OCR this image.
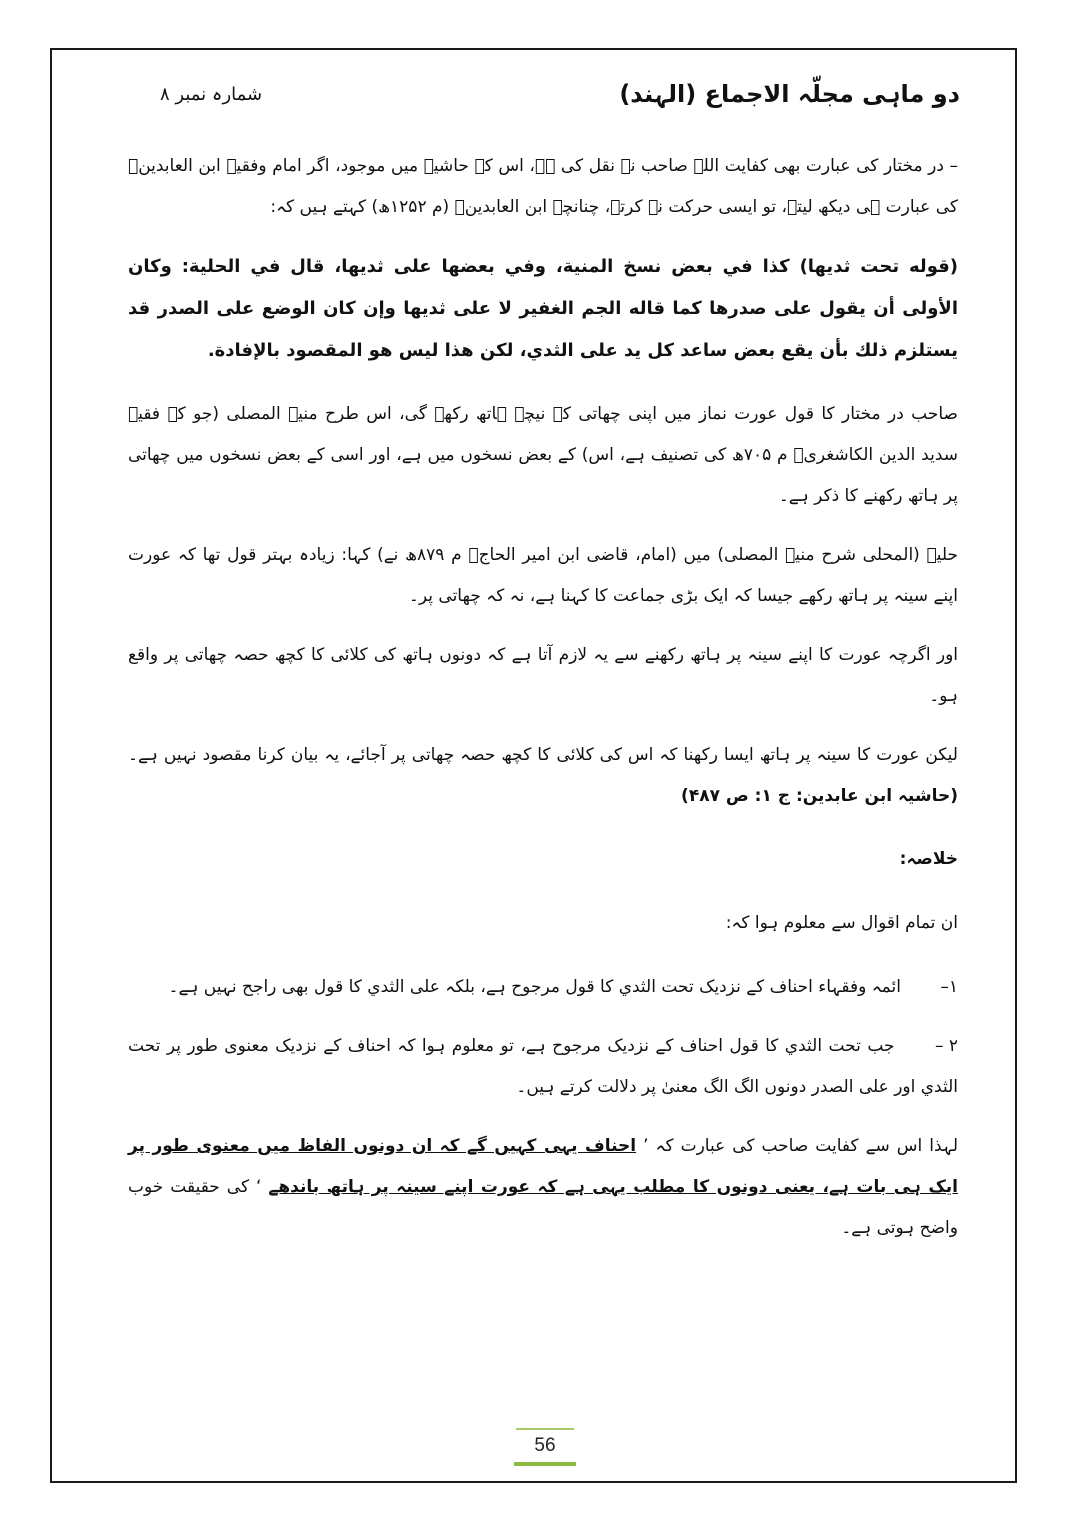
دو ماہی مجلّہ الاجماع (الہند)
شمارہ نمبر ۸

– در مختار کی عبارت بھی کفایت اللہ صاحب نے نقل کی ہے، اس کے حاشیہ میں موجود، اگر امام وفقیہ ابن العابدینؒ کی عبارت ہی دیکھ لیتے، تو ایسی حرکت نہ کرتے، چنانچہ ابن العابدینؒ (م ۱۲۵۲ھ) کہتے ہیں کہ:

(قوله تحت ثديها) كذا في بعض نسخ المنية، وفي بعضها على ثديها، قال في الحلية: وكان الأولى أن يقول على صدرها كما قاله الجم الغفير لا على ثديها وإن كان الوضع على الصدر قد يستلزم ذلك بأن يقع بعض ساعد كل يد على الثدي، لكن هذا ليس هو المقصود بالإفادة.

صاحب در مختار کا قول عورت نماز میں اپنی چھاتی کے نیچے ہاتھ رکھے گی، اس طرح منیۃ المصلی (جو کہ فقیہ سدید الدین الکاشغریؒ م ۷۰۵ھ کی تصنیف ہے، اس) کے بعض نسخوں میں ہے، اور اسی کے بعض نسخوں میں چھاتی پر ہاتھ رکھنے کا ذکر ہے۔

حلیۃ (المحلی شرح منیۃ المصلی) میں (امام، قاضی ابن امیر الحاجؒ م ۸۷۹ھ نے) کہا: زیادہ بہتر قول تھا کہ عورت اپنے سینہ پر ہاتھ رکھے جیسا کہ ایک بڑی جماعت کا کہنا ہے، نہ کہ چھاتی پر۔

اور اگرچہ عورت کا اپنے سینہ پر ہاتھ رکھنے سے یہ لازم آتا ہے کہ دونوں ہاتھ کی کلائی کا کچھ حصہ چھاتی پر واقع ہو۔

لیکن عورت کا سینہ پر ہاتھ ایسا رکھنا کہ اس کی کلائی کا کچھ حصہ چھاتی پر آجائے، یہ بیان کرنا مقصود نہیں ہے۔ (حاشیہ ابن عابدین: ج ۱: ص ۴۸۷)

خلاصہ:
ان تمام اقوال سے معلوم ہوا کہ:

۱– ائمہ وفقہاء احناف کے نزدیک تحت الثدي کا قول مرجوح ہے، بلکہ على الثدي کا قول بھی راجح نہیں ہے۔

۲ – جب تحت الثدي کا قول احناف کے نزدیک مرجوح ہے، تو معلوم ہوا کہ احناف کے نزدیک معنوی طور پر تحت الثدي اور على الصدر دونوں الگ الگ معنیٰ پر دلالت کرتے ہیں۔

لہذا اس سے کفایت صاحب کی عبارت کہ ’ احناف یہی کہیں گے کہ ان دونوں الفاظ میں معنوی طور پر ایک ہی بات ہے، یعنی دونوں کا مطلب یہی ہے کہ عورت اپنے سینہ پر ہاتھ باندھے ‘ کی حقیقت خوب واضح ہوتی ہے۔

56
